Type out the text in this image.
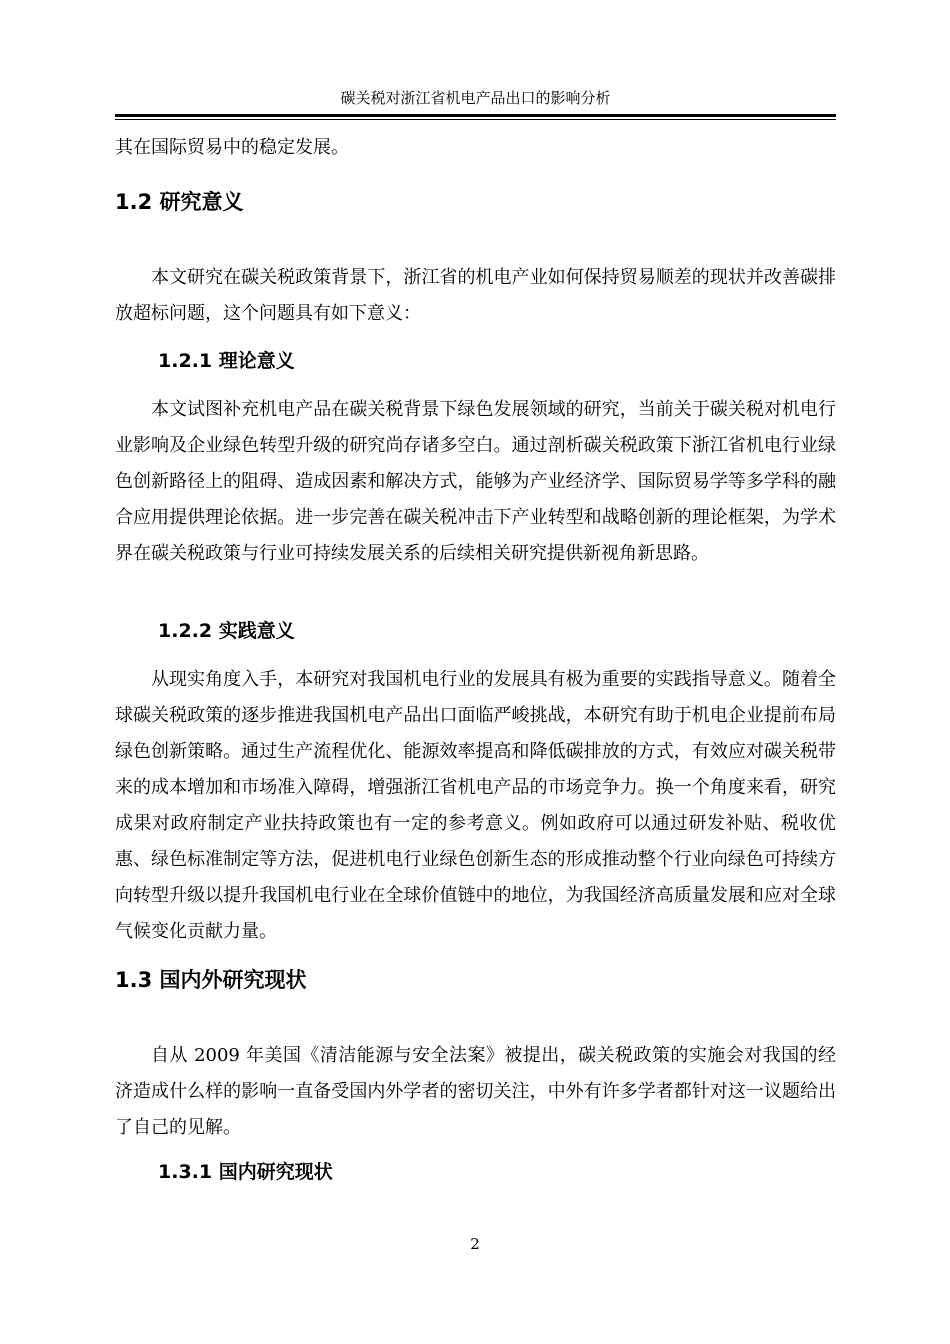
碳关税对浙江省机电产品出口的影响分析

其在国际贸易中的稳定发展。

1.2 研究意义

本文研究在碳关税政策背景下，浙江省的机电产业如何保持贸易顺差的现状并改善碳排放超标问题，这个问题具有如下意义：

1.2.1 理论意义

本文试图补充机电产品在碳关税背景下绿色发展领域的研究，当前关于碳关税对机电行业影响及企业绿色转型升级的研究尚存诸多空白。通过剖析碳关税政策下浙江省机电行业绿色创新路径上的阻碍、造成因素和解决方式，能够为产业经济学、国际贸易学等多学科的融合应用提供理论依据。进一步完善在碳关税冲击下产业转型和战略创新的理论框架，为学术界在碳关税政策与行业可持续发展关系的后续相关研究提供新视角新思路。

1.2.2 实践意义

从现实角度入手，本研究对我国机电行业的发展具有极为重要的实践指导意义。随着全球碳关税政策的逐步推进我国机电产品出口面临严峻挑战，本研究有助于机电企业提前布局绿色创新策略。通过生产流程优化、能源效率提高和降低碳排放的方式，有效应对碳关税带来的成本增加和市场准入障碍，增强浙江省机电产品的市场竞争力。换一个角度来看，研究成果对政府制定产业扶持政策也有一定的参考意义。例如政府可以通过研发补贴、税收优惠、绿色标准制定等方法，促进机电行业绿色创新生态的形成推动整个行业向绿色可持续方向转型升级以提升我国机电行业在全球价值链中的地位，为我国经济高质量发展和应对全球气候变化贡献力量。

1.3 国内外研究现状

自从 2009 年美国《清洁能源与安全法案》被提出，碳关税政策的实施会对我国的经济造成什么样的影响一直备受国内外学者的密切关注，中外有许多学者都针对这一议题给出了自己的见解。

1.3.1 国内研究现状
2
